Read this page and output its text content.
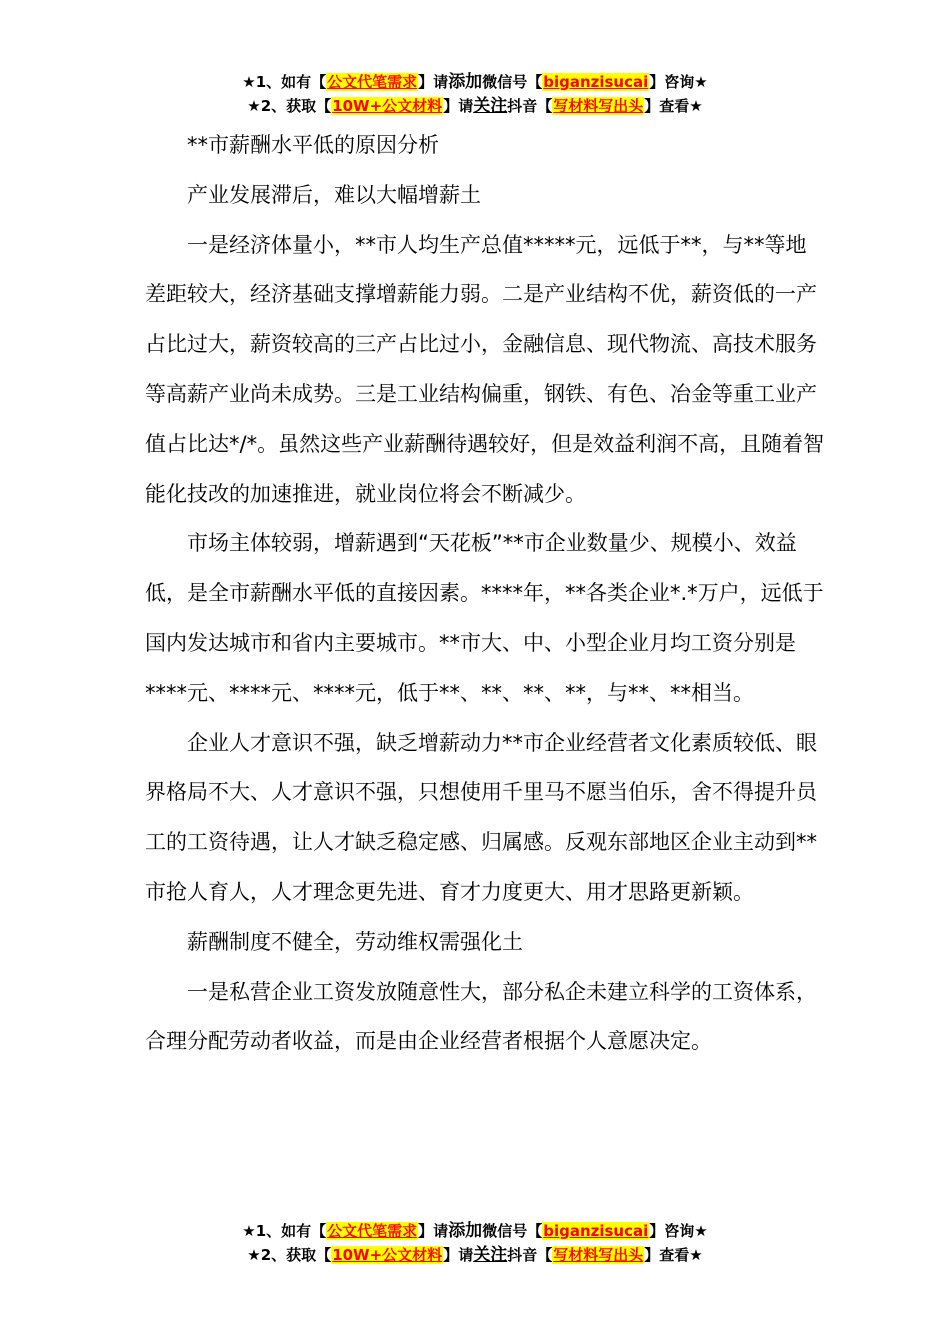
★1、如有【公文代笔需求】请添加微信号【biganzisucai】咨询★
★2、获取【10W+公文材料】请关注抖音【写材料写出头】查看★

**市薪酬水平低的原因分析

产业发展滞后，难以大幅增薪土

一是经济体量小，**市人均生产总值*****元，远低于**，与**等地差距较大，经济基础支撑增薪能力弱。二是产业结构不优，薪资低的一产占比过大，薪资较高的三产占比过小，金融信息、现代物流、高技术服务等高薪产业尚未成势。三是工业结构偏重，钢铁、有色、冶金等重工业产值占比达*/*。虽然这些产业薪酬待遇较好，但是效益利润不高，且随着智能化技改的加速推进，就业岗位将会不断减少。

市场主体较弱，增薪遇到“天花板”**市企业数量少、规模小、效益低，是全市薪酬水平低的直接因素。****年，**各类企业*.*万户，远低于国内发达城市和省内主要城市。**市大、中、小型企业月均工资分别是****元、****元、****元，低于**、**、**、**，与**、**相当。

企业人才意识不强，缺乏增薪动力**市企业经营者文化素质较低、眼界格局不大、人才意识不强，只想使用千里马不愿当伯乐，舍不得提升员工的工资待遇，让人才缺乏稳定感、归属感。反观东部地区企业主动到**市抢人育人，人才理念更先进、育才力度更大、用才思路更新颖。

薪酬制度不健全，劳动维权需强化土

一是私营企业工资发放随意性大，部分私企未建立科学的工资体系，合理分配劳动者收益，而是由企业经营者根据个人意愿决定。

★1、如有【公文代笔需求】请添加微信号【biganzisucai】咨询★
★2、获取【10W+公文材料】请关注抖音【写材料写出头】查看★
